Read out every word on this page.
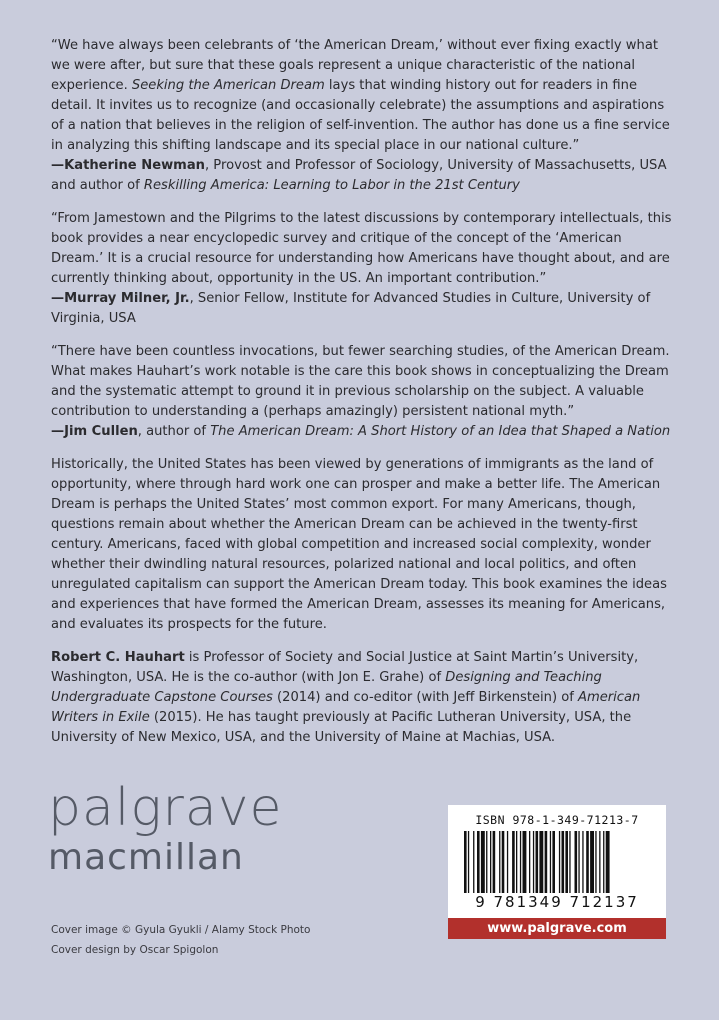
“We have always been celebrants of ‘the American Dream,’ without ever fixing exactly what we were after, but sure that these goals represent a unique characteristic of the national experience. Seeking the American Dream lays that winding history out for readers in fine detail. It invites us to recognize (and occasionally celebrate) the assumptions and aspirations of a nation that believes in the religion of self-invention. The author has done us a fine service in analyzing this shifting landscape and its special place in our national culture.”

—Katherine Newman, Provost and Professor of Sociology, University of Massachusetts, USA and author of Reskilling America: Learning to Labor in the 21st Century

“From Jamestown and the Pilgrims to the latest discussions by contemporary intellectuals, this book provides a near encyclopedic survey and critique of the concept of the ‘American Dream.’ It is a crucial resource for understanding how Americans have thought about, and are currently thinking about, opportunity in the US. An important contribution.”

—Murray Milner, Jr., Senior Fellow, Institute for Advanced Studies in Culture, University of Virginia, USA

“There have been countless invocations, but fewer searching studies, of the American Dream. What makes Hauhart’s work notable is the care this book shows in conceptualizing the Dream and the systematic attempt to ground it in previous scholarship on the subject. A valuable contribution to understanding a (perhaps amazingly) persistent national myth.”

—Jim Cullen, author of The American Dream: A Short History of an Idea that Shaped a Nation

Historically, the United States has been viewed by generations of immigrants as the land of opportunity, where through hard work one can prosper and make a better life. The American Dream is perhaps the United States’ most common export. For many Americans, though, questions remain about whether the American Dream can be achieved in the twenty-first century. Americans, faced with global competition and increased social complexity, wonder whether their dwindling natural resources, polarized national and local politics, and often unregulated capitalism can support the American Dream today. This book examines the ideas and experiences that have formed the American Dream, assesses its meaning for Americans, and evaluates its prospects for the future.

Robert C. Hauhart is Professor of Society and Social Justice at Saint Martin’s University, Washington, USA. He is the co-author (with Jon E. Grahe) of Designing and Teaching Undergraduate Capstone Courses (2014) and co-editor (with Jeff Birkenstein) of American Writers in Exile (2015). He has taught previously at Pacific Lutheran University, USA, the University of New Mexico, USA, and the University of Maine at Machias, USA.

palgrave
macmillan
Cover image © Gyula Gyukli / Alamy Stock Photo
Cover design by Oscar Spigolon
ISBN 978-1-349-71213-7
9 781349 712137
www.palgrave.com
